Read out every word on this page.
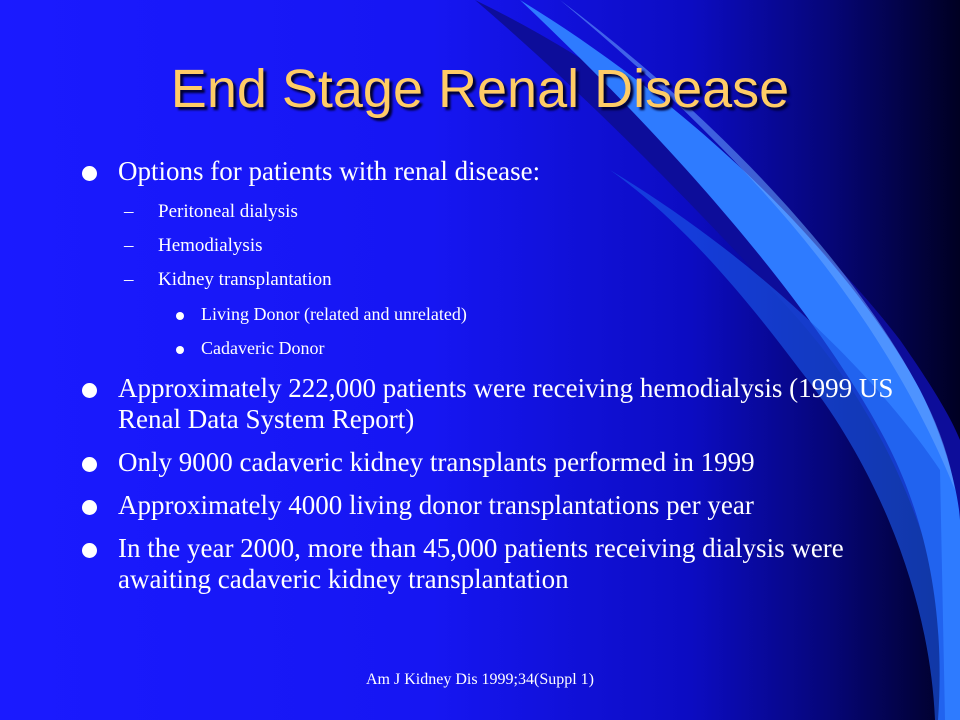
End Stage Renal Disease
Options for patients with renal disease:
– Peritoneal dialysis
– Hemodialysis
– Kidney transplantation
Living Donor (related and unrelated)
Cadaveric Donor
Approximately 222,000 patients were receiving hemodialysis (1999 US Renal Data System Report)
Only 9000 cadaveric kidney transplants performed in 1999
Approximately 4000 living donor transplantations per year
In the year 2000, more than 45,000 patients receiving dialysis were awaiting cadaveric kidney transplantation
Am J Kidney Dis 1999;34(Suppl 1)
